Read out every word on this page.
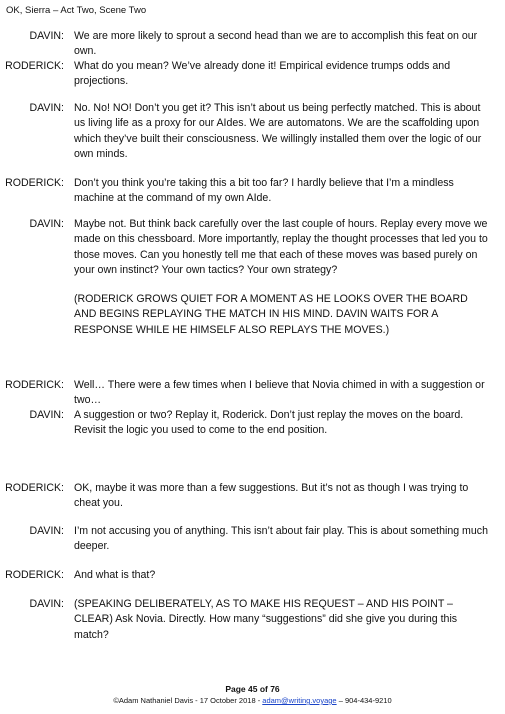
OK, Sierra – Act Two, Scene Two
DAVIN: We are more likely to sprout a second head than we are to accomplish this feat on our own.
RODERICK: What do you mean? We’ve already done it! Empirical evidence trumps odds and projections.
DAVIN: No. No! NO! Don’t you get it? This isn’t about us being perfectly matched. This is about us living life as a proxy for our AIdes. We are automatons. We are the scaffolding upon which they’ve built their consciousness. We willingly installed them over the logic of our own minds.
RODERICK: Don’t you think you’re taking this a bit too far? I hardly believe that I’m a mindless machine at the command of my own AIde.
DAVIN: Maybe not. But think back carefully over the last couple of hours. Replay every move we made on this chessboard. More importantly, replay the thought processes that led you to those moves. Can you honestly tell me that each of these moves was based purely on your own instinct? Your own tactics? Your own strategy?
(RODERICK GROWS QUIET FOR A MOMENT AS HE LOOKS OVER THE BOARD AND BEGINS REPLAYING THE MATCH IN HIS MIND. DAVIN WAITS FOR A RESPONSE WHILE HE HIMSELF ALSO REPLAYS THE MOVES.)
RODERICK: Well… There were a few times when I believe that Novia chimed in with a suggestion or two…
DAVIN: A suggestion or two? Replay it, Roderick. Don’t just replay the moves on the board. Revisit the logic you used to come to the end position.
RODERICK: OK, maybe it was more than a few suggestions. But it’s not as though I was trying to cheat you.
DAVIN: I’m not accusing you of anything. This isn’t about fair play. This is about something much deeper.
RODERICK: And what is that?
DAVIN: (SPEAKING DELIBERATELY, AS TO MAKE HIS REQUEST – AND HIS POINT – CLEAR) Ask Novia. Directly. How many “suggestions” did she give you during this match?
Page 45 of 76
©Adam Nathaniel Davis - 17 October 2018 - adam@writing.voyage – 904-434-9210
